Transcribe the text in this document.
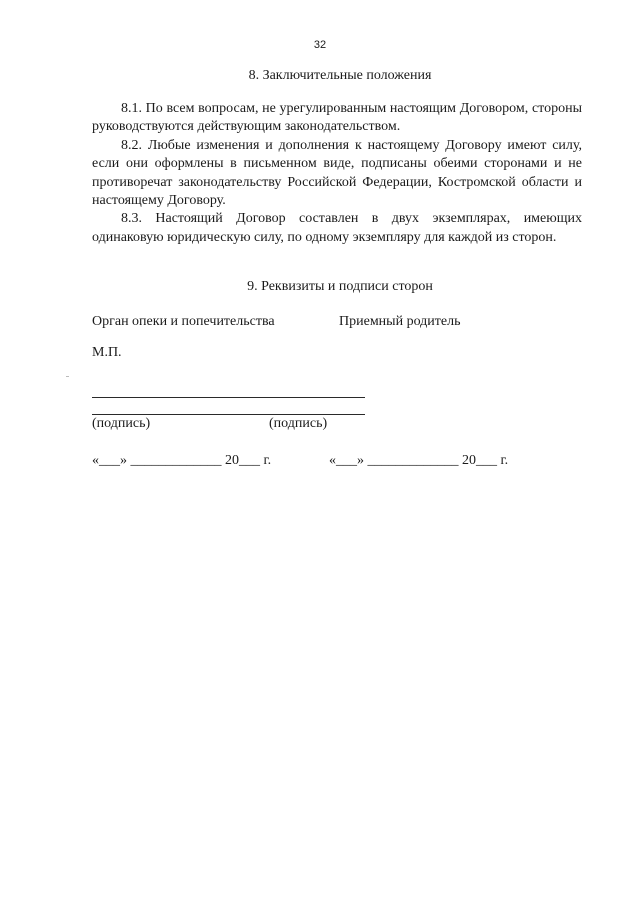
32
8. Заключительные положения

8.1. По всем вопросам, не урегулированным настоящим Договором, стороны руководствуются действующим законодательством.

8.2. Любые изменения и дополнения к настоящему Договору имеют силу, если они оформлены в письменном виде, подписаны обеими сторонами и не противоречат законодательству Российской Федерации, Костромской области и настоящему Договору.

8.3. Настоящий Договор составлен в двух экземплярах, имеющих одинаковую юридическую силу, по одному экземпляру для каждой из сторон.

9. Реквизиты и подписи сторон
Орган опеки и попечительства	Приемный родитель
М.П.
(подпись)	(подпись)
«___» _____________ 20___ г.	«___» _____________ 20___ г.
